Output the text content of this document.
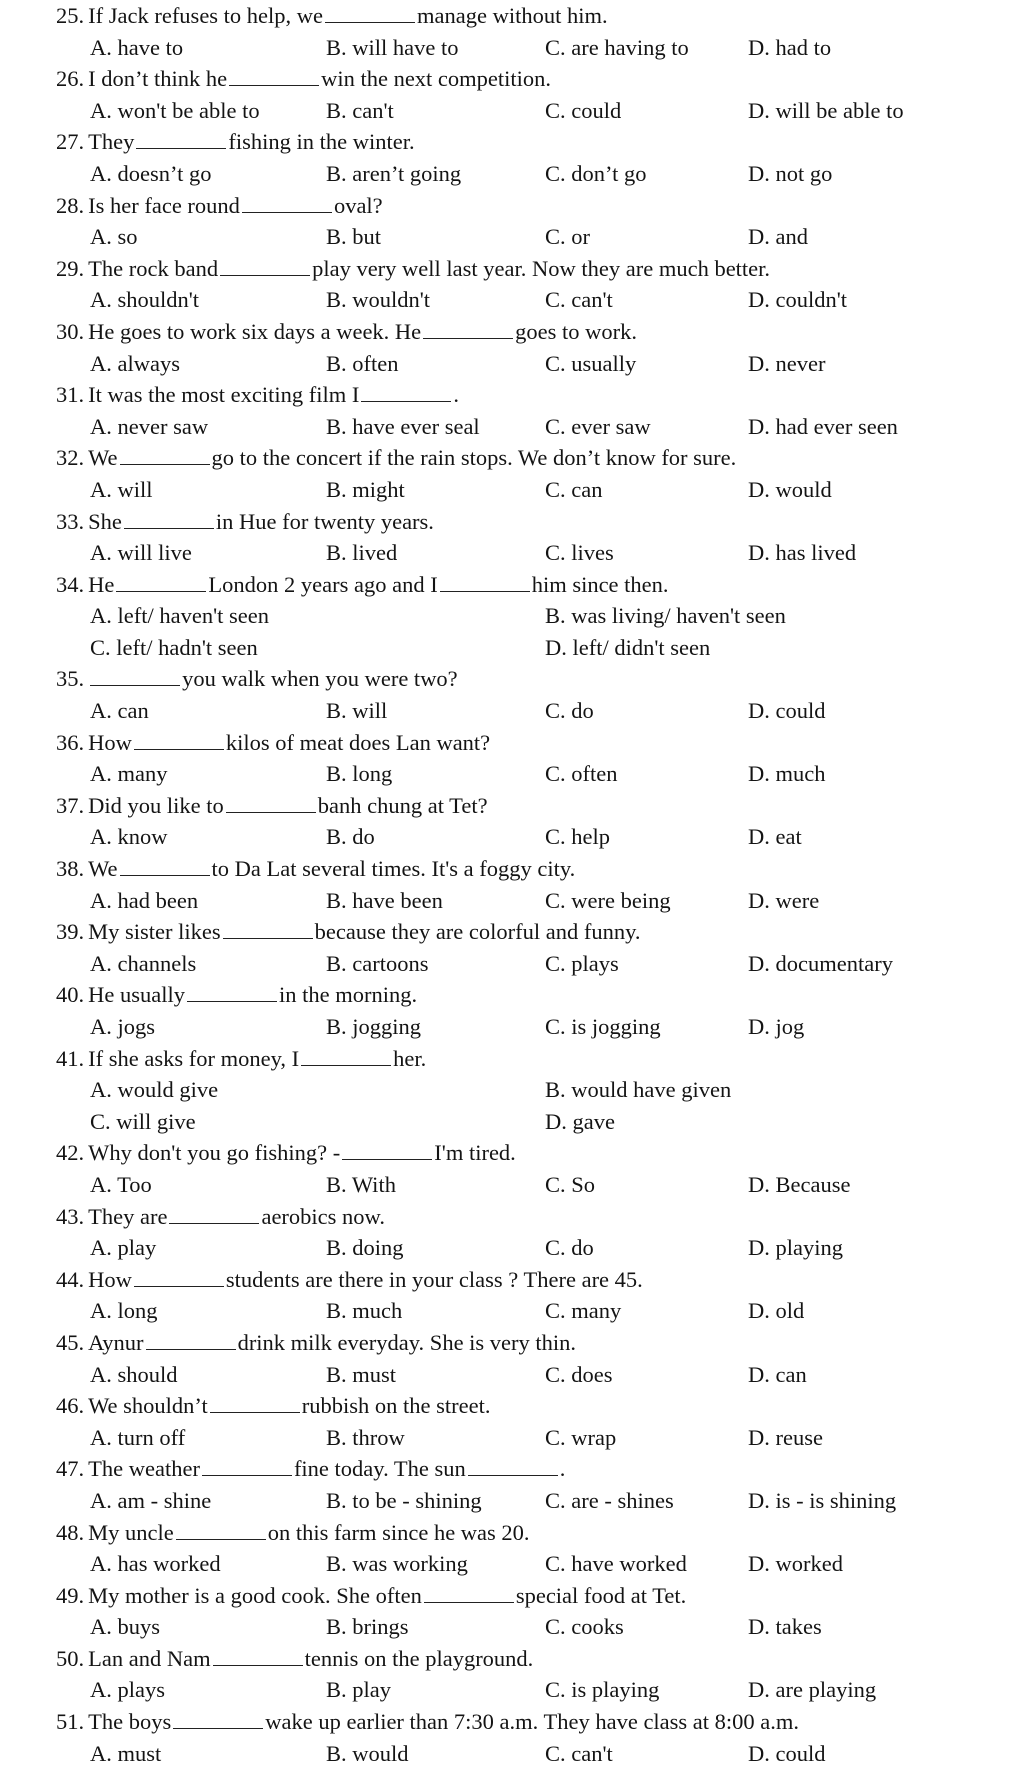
25. If Jack refuses to help, we	manage without him.
A. have to	B. will have to	C. are having to	D. had to
26. I don’t think he	win the next competition.
A. won't be able to	B. can't	C. could	D. will be able to
27. They	fishing in the winter.
A. doesn’t go	B. aren’t going	C. don’t go	D. not go
28. Is her face round	oval?
A. so	B. but	C. or	D. and
29. The rock band	play very well last year. Now they are much better.
A. shouldn't	B. wouldn't	C. can't	D. couldn't
30. He goes to work six days a week. He	goes to work.
A. always	B. often	C. usually	D. never
31. It was the most exciting film I	.
A. never saw	B. have ever seal	C. ever saw	D. had ever seen
32. We	go to the concert if the rain stops. We don’t know for sure.
A. will	B. might	C. can	D. would
33. She	in Hue for twenty years.
A. will live	B. lived	C. lives	D. has lived
34. He	London 2 years ago and I	him since then.
A. left/ haven't seen	B. was living/ haven't seen
C. left/ hadn't seen	D. left/ didn't seen
35.	you walk when you were two?
A. can	B. will	C. do	D. could
36. How	kilos of meat does Lan want?
A. many	B. long	C. often	D. much
37. Did you like to	banh chung at Tet?
A. know	B. do	C. help	D. eat
38. We	to Da Lat several times. It's a foggy city.
A. had been	B. have been	C. were being	D. were
39. My sister likes	because they are colorful and funny.
A. channels	B. cartoons	C. plays	D. documentary
40. He usually	in the morning.
A. jogs	B. jogging	C. is jogging	D. jog
41. If she asks for money, I	her.
A. would give	B. would have given
C. will give	D. gave
42. Why don't you go fishing? -	I'm tired.
A. Too	B. With	C. So	D. Because
43. They are	aerobics now.
A. play	B. doing	C. do	D. playing
44. How	students are there in your class ? There are 45.
A. long	B. much	C. many	D. old
45. Aynur	drink milk everyday. She is very thin.
A. should	B. must	C. does	D. can
46. We shouldn’t	rubbish on the street.
A. turn off	B. throw	C. wrap	D. reuse
47. The weather	fine today. The sun	.
A. am - shine	B. to be - shining	C. are - shines	D. is - is shining
48. My uncle	on this farm since he was 20.
A. has worked	B. was working	C. have worked	D. worked
49. My mother is a good cook. She often	special food at Tet.
A. buys	B. brings	C. cooks	D. takes
50. Lan and Nam	tennis on the playground.
A. plays	B. play	C. is playing	D. are playing
51. The boys	wake up earlier than 7:30 a.m. They have class at 8:00 a.m.
A. must	B. would	C. can't	D. could
